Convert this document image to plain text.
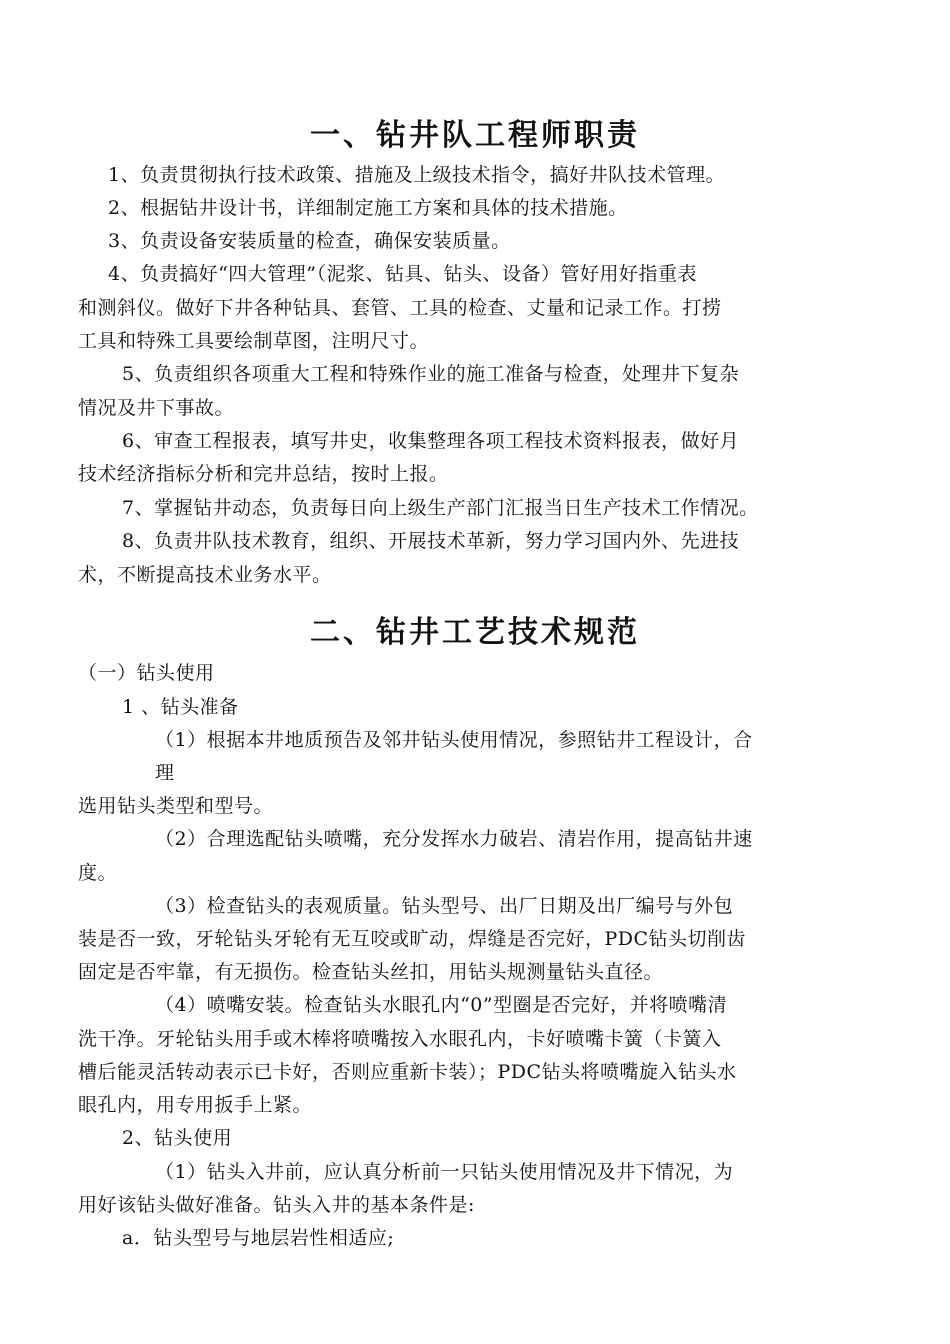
一、钻井队工程师职责
1、负责贯彻执行技术政策、措施及上级技术指令，搞好井队技术管理。
2、根据钻井设计书，详细制定施工方案和具体的技术措施。
3、负责设备安装质量的检查，确保安装质量。
4、负责搞好“四大管理”（泥浆、钻具、钻头、设备）管好用好指重表
和测斜仪。做好下井各种钻具、套管、工具的检查、丈量和记录工作。打捞
工具和特殊工具要绘制草图，注明尺寸。
5、负责组织各项重大工程和特殊作业的施工准备与检查，处理井下复杂
情况及井下事故。
6、审查工程报表，填写井史，收集整理各项工程技术资料报表，做好月
技术经济指标分析和完井总结，按时上报。
7、掌握钻井动态，负责每日向上级生产部门汇报当日生产技术工作情况。
8、负责井队技术教育，组织、开展技术革新，努力学习国内外、先进技
术，不断提高技术业务水平。
二、钻井工艺技术规范
（一）钻头使用
1 、钻头准备
（1）根据本井地质预告及邻井钻头使用情况，参照钻井工程设计，合
理
选用钻头类型和型号。
（2）合理选配钻头喷嘴，充分发挥水力破岩、清岩作用，提高钻井速
度。
（3）检查钻头的表观质量。钻头型号、出厂日期及出厂编号与外包
装是否一致，牙轮钻头牙轮有无互咬或旷动，焊缝是否完好，PDC钻头切削齿
固定是否牢靠，有无损伤。检查钻头丝扣，用钻头规测量钻头直径。
（4）喷嘴安装。检查钻头水眼孔内“0”型圈是否完好，并将喷嘴清
洗干净。牙轮钻头用手或木棒将喷嘴按入水眼孔内，卡好喷嘴卡簧（卡簧入
槽后能灵活转动表示已卡好，否则应重新卡装）；PDC钻头将喷嘴旋入钻头水
眼孔内，用专用扳手上紧。
2、钻头使用
（1）钻头入井前，应认真分析前一只钻头使用情况及井下情况，为
用好该钻头做好准备。钻头入井的基本条件是:
a．钻头型号与地层岩性相适应;
